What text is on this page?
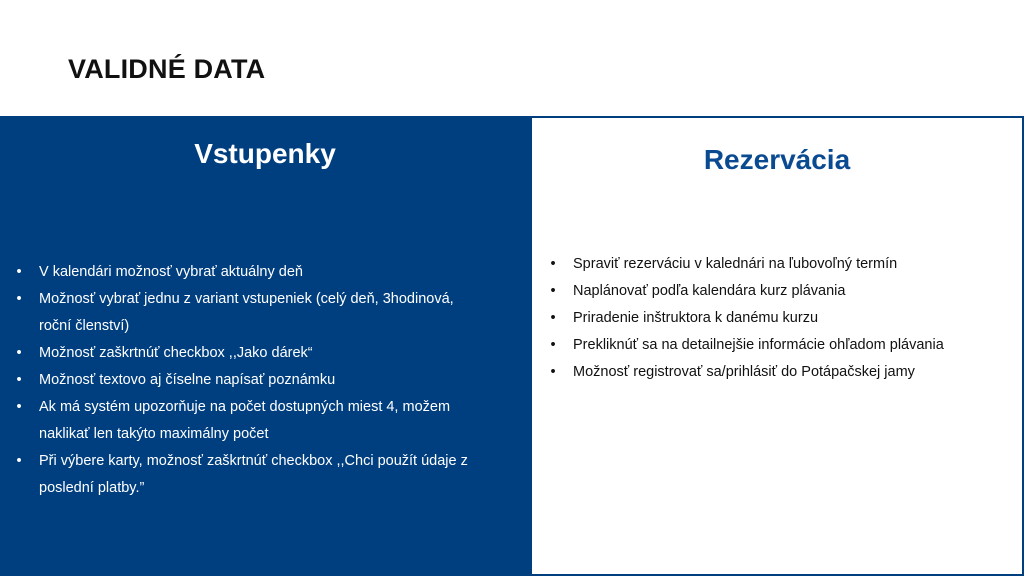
VALIDNÉ DATA
Vstupenky
•	V kalendári možnosť vybrať aktuálny deň
•	Možnosť vybrať jednu z variant vstupeniek (celý deň, 3hodinová, roční členství)
•	Možnosť zaškrtnúť checkbox ,,Jako dárek“
•	Možnosť textovo aj číselne napísať poznámku
•	Ak má systém upozorňuje na počet dostupných miest 4, možem naklikať len takýto maximálny počet
•	Při výbere karty, možnosť zaškrtnúť checkbox ,,Chci použít údaje z poslední platby.”
Rezervácia
•	Spraviť rezerváciu v kalednári na ľubovoľný termín
•	Naplánovať podľa kalendára kurz plávania
•	Priradenie inštruktora k danému kurzu
•	Prekliknúť sa na detailnejšie informácie ohľadom plávania
•	Možnosť registrovať sa/prihlásiť do Potápačskej jamy
